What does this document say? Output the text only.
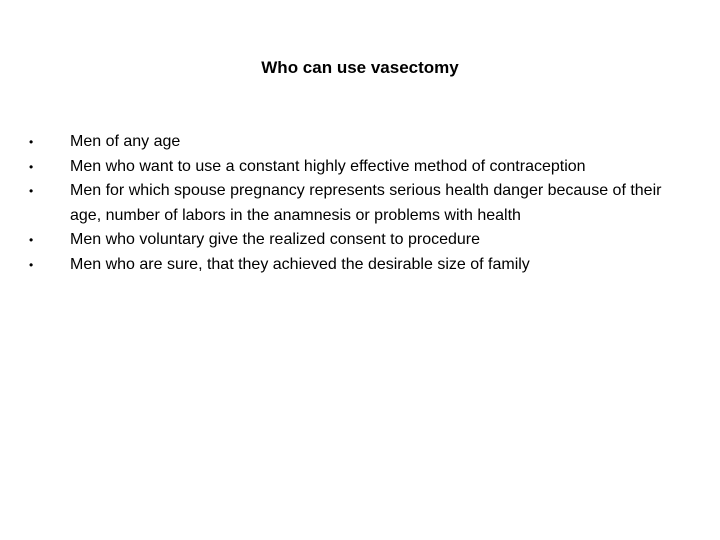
Who can use vasectomy
• Men of any age
• Men who want to use a constant highly effective method of contraception
• Men for which spouse pregnancy represents serious health danger because of their age, number of labors in the anamnesis or problems with health
• Men who voluntary give the realized consent to procedure
• Men who are sure, that they achieved the desirable size of family
